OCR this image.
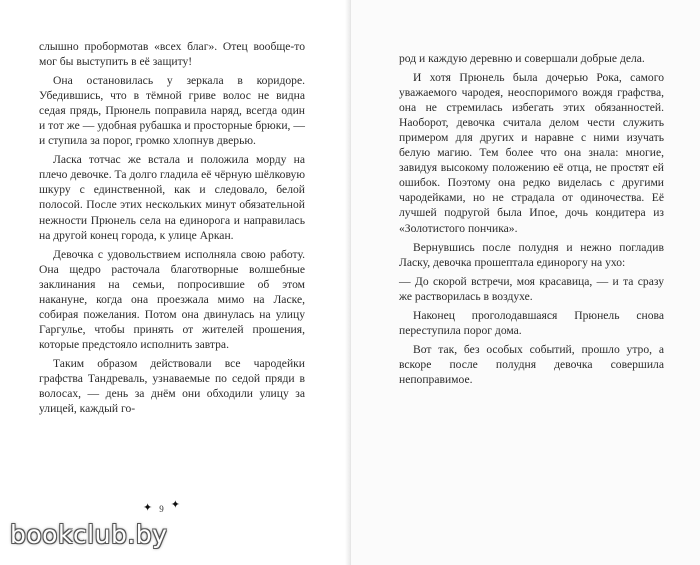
слышно пробормотав «всех благ». Отец вообще-то мог бы выступить в её защиту!

Она остановилась у зеркала в коридоре. Убедившись, что в тёмной гриве волос не видна седая прядь, Прюнель поправила наряд, всегда один и тот же — удобная рубашка и просторные брюки, — и ступила за порог, громко хлопнув дверью.

Ласка тотчас же встала и положила морду на плечо девочке. Та долго гладила её чёрную шёлковую шкуру с единственной, как и следовало, белой полосой. После этих нескольких минут обязательной нежности Прюнель села на единорога и направилась на другой конец города, к улице Аркан.

Девочка с удовольствием исполняла свою работу. Она щедро расточала благотворные волшебные заклинания на семьи, попросившие об этом накануне, когда она проезжала мимо на Ласке, собирая пожелания. Потом она двинулась на улицу Гаргулье, чтобы принять от жителей прошения, которые предстояло исполнить завтра.

Таким образом действовали все чародейки графства Тандреваль, узнаваемые по седой пряди в волосах, — день за днём они обходили улицу за улицей, каждый го-

✦ 9 ✦
bookclub.by

род и каждую деревню и совершали добрые дела.

И хотя Прюнель была дочерью Рока, самого уважаемого чародея, неоспоримого вождя графства, она не стремилась избегать этих обязанностей. Наоборот, девочка считала делом чести служить примером для других и наравне с ними изучать белую магию. Тем более что она знала: многие, завидуя высокому положению её отца, не простят ей ошибок. Поэтому она редко виделась с другими чародейками, но не страдала от одиночества. Её лучшей подругой была Ипое, дочь кондитера из «Золотистого пончика».

Вернувшись после полудня и нежно погладив Ласку, девочка прошептала единорогу на ухо:

— До скорой встречи, моя красавица, — и та сразу же растворилась в воздухе.

Наконец проголодавшаяся Прюнель снова переступила порог дома.

Вот так, без особых событий, прошло утро, а вскоре после полудня девочка совершила непоправимое.
